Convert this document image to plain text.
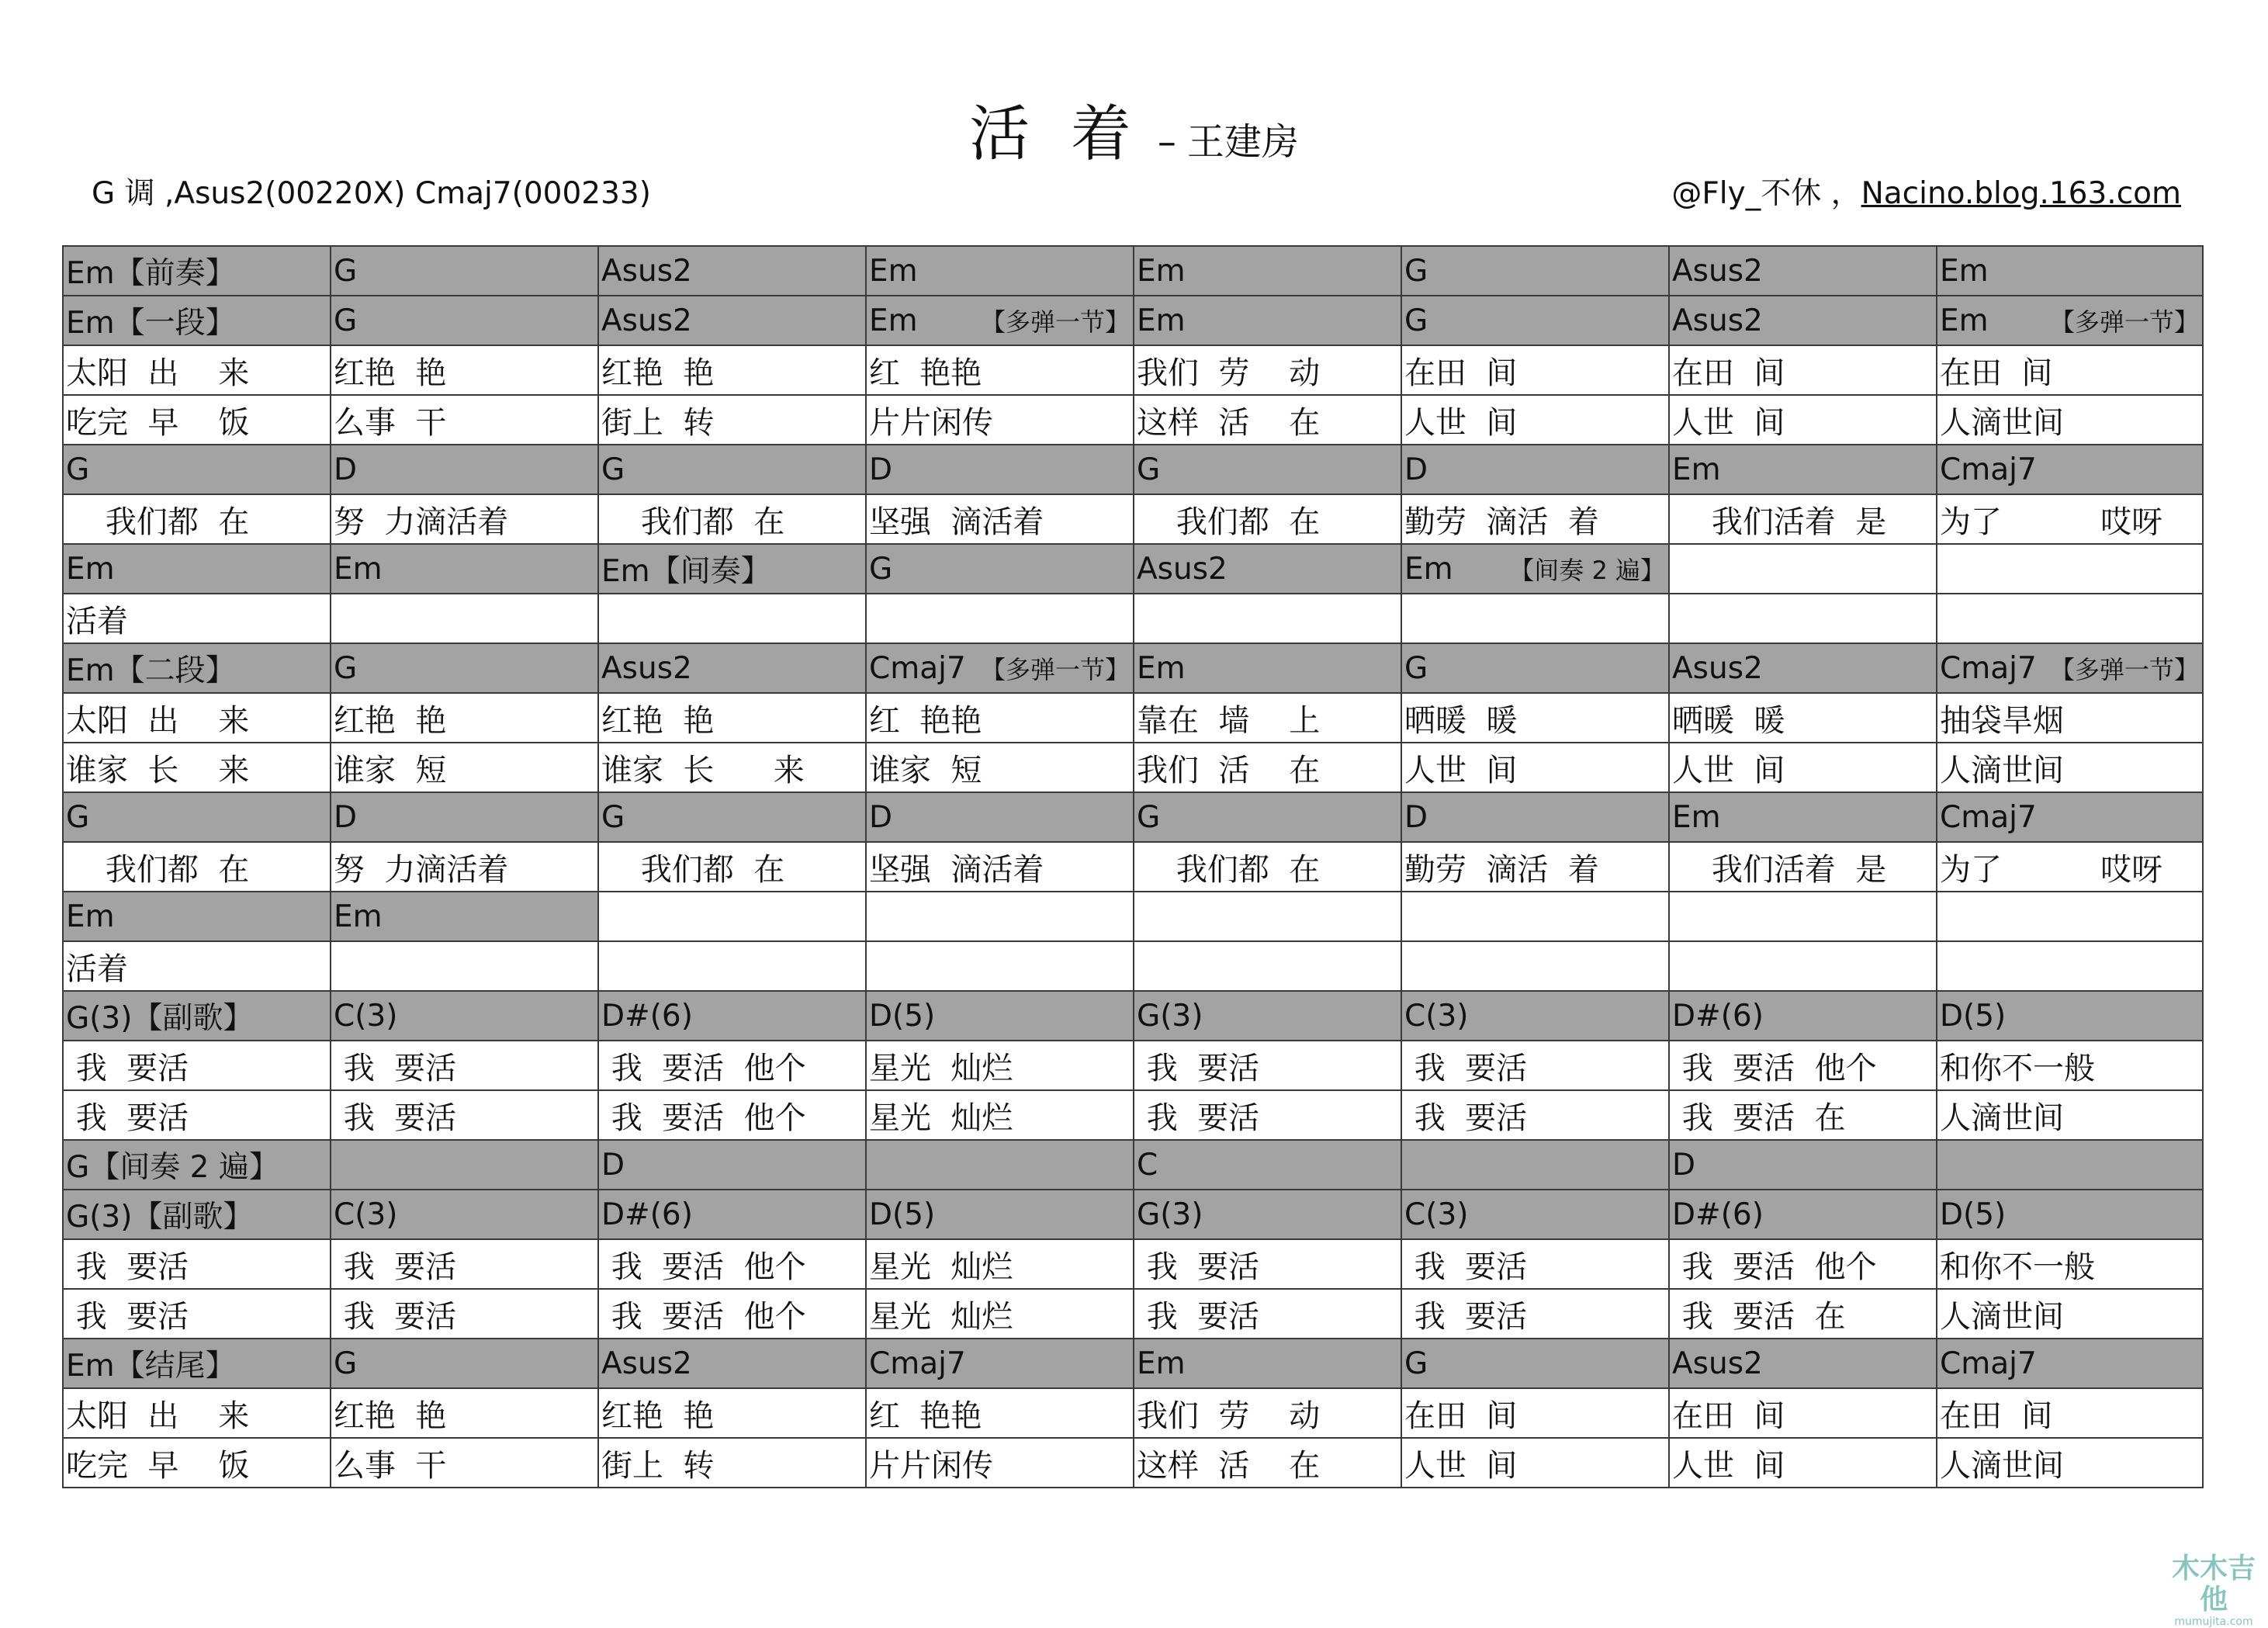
活 着 – 王建房
G 调 ,Asus2(00220X) Cmaj7(000233)	@Fly_不休 ，Nacino.blog.163.com
Em【前奏】	G	Asus2	Em	Em	G	Asus2	Em
Em【一段】	G	Asus2	Em 【多弹一节】	Em	G	Asus2	Em 【多弹一节】

太阳  出    来	红艳  艳	红艳  艳	红  艳艳	我们  劳    动	在田  间	在田  间	在田  间
吃完  早    饭	么事  干	街上  转	片片闲传	这样  活    在	人世  间	人世  间	人滴世间
G	D	G	D	G	D	Em	Cmaj7
我们都  在	努  力滴活着	我们都  在	坚强  滴活着	我们都  在	勤劳  滴活  着	我们活着  是	为了          哎呀
Em	Em	Em【间奏】	G	Asus2	Em 【间奏 2 遍】		

活着							
Em【二段】	G	Asus2	Cmaj7 【多弹一节】	Em	G	Asus2	Cmaj7 【多弹一节】

太阳  出    来	红艳  艳	红艳  艳	红  艳艳	靠在  墙    上	晒暖  暖	晒暖  暖	抽袋旱烟
谁家  长    来	谁家  短	谁家  长      来	谁家  短	我们  活    在	人世  间	人世  间	人滴世间
G	D	G	D	G	D	Em	Cmaj7
我们都  在	努  力滴活着	我们都  在	坚强  滴活着	我们都  在	勤劳  滴活  着	我们活着  是	为了          哎呀
Em	Em						
活着							
G(3)【副歌】	C(3)	D#(6)	D(5)	G(3)	C(3)	D#(6)	D(5)
我  要活	我  要活	我  要活  他个	星光  灿烂	我  要活	我  要活	我  要活  他个	和你不一般
我  要活	我  要活	我  要活  他个	星光  灿烂	我  要活	我  要活	我  要活  在	人滴世间
G【间奏 2 遍】		D		C		D	
G(3)【副歌】	C(3)	D#(6)	D(5)	G(3)	C(3)	D#(6)	D(5)
我  要活	我  要活	我  要活  他个	星光  灿烂	我  要活	我  要活	我  要活  他个	和你不一般
我  要活	我  要活	我  要活  他个	星光  灿烂	我  要活	我  要活	我  要活  在	人滴世间
Em【结尾】	G	Asus2	Cmaj7	Em	G	Asus2	Cmaj7
太阳  出    来	红艳  艳	红艳  艳	红  艳艳	我们  劳    动	在田  间	在田  间	在田  间
吃完  早    饭	么事  干	街上  转	片片闲传	这样  活    在	人世  间	人世  间	人滴世间
木木吉他
mumujita.com
